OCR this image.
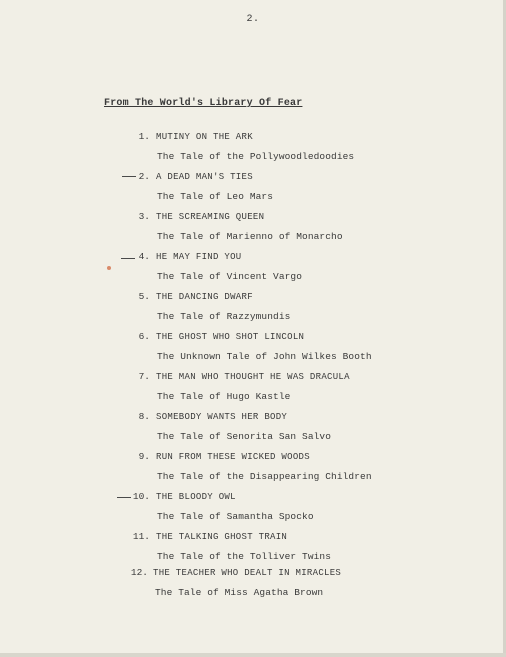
2.
From The World's Library Of Fear
1. MUTINY ON THE ARK
The Tale of the Pollywoodledoodies
2. A DEAD MAN'S TIES
The Tale of Leo Mars
3. THE SCREAMING QUEEN
The Tale of Marienno of Monarcho
4. HE MAY FIND YOU
The Tale of Vincent Vargo
5. THE DANCING DWARF
The Tale of Razzymundis
6. THE GHOST WHO SHOT LINCOLN
The Unknown Tale of John Wilkes Booth
7. THE MAN WHO THOUGHT HE WAS DRACULA
The Tale of Hugo Kastle
8. SOMEBODY WANTS HER BODY
The Tale of Senorita San Salvo
9. RUN FROM THESE WICKED WOODS
The Tale of the Disappearing Children
10. THE BLOODY OWL
The Tale of Samantha Spocko
11. THE TALKING GHOST TRAIN
The Tale of the Tolliver Twins
12. THE TEACHER WHO DEALT IN MIRACLES
The Tale of Miss Agatha Brown
